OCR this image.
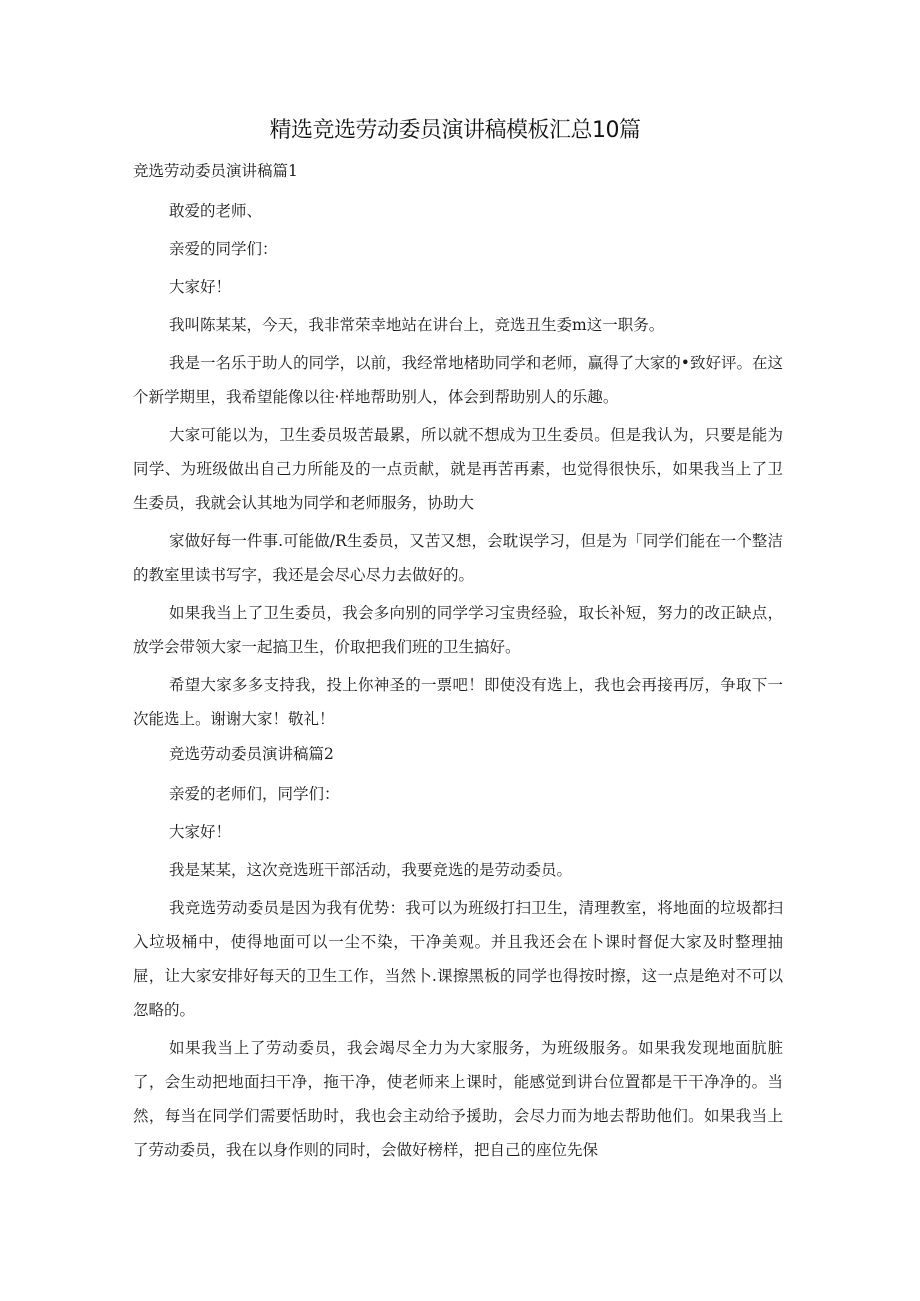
精选竞选劳动委员演讲稿模板汇总10篇

竞选劳动委员演讲稿篇1

敢爱的老师、

亲爱的同学们：

大家好！

我叫陈某某，今天，我非常荣幸地站在讲台上，竞选丑生委m这一职务。

我是一名乐于助人的同学，以前，我经常地楮助同学和老师，赢得了大家的•致好评。在这个新学期里，我希望能像以往·样地帮助别人，体会到帮助别人的乐趣。

大家可能以为，卫生委员圾苦最累，所以就不想成为卫生委员。但是我认为，只要是能为同学、为班级做出自己力所能及的一点贡献，就是再苦再素，也觉得很快乐，如果我当上了卫生委员，我就会认其地为同学和老师服务，协助大

家做好每一件事.可能做/R生委员，又苦又想，会耽误学习，但是为「同学们能在一个整洁的教室里读书写字，我还是会尽心尽力去做好的。

如果我当上了卫生委员，我会多向别的同学学习宝贵经验，取长补短，努力的改正缺点，放学会带领大家一起搞卫生，价取把我们班的卫生搞好。

希望大家多多支持我，投上你神圣的一票吧！即使没有选上，我也会再接再厉，争取下一次能选上。谢谢大家！敬礼！

竞选劳动委员演讲稿篇2

亲爱的老师们，同学们：

大家好！

我是某某，这次竞选班干部活动，我要竞选的是劳动委员。

我竞选劳动委员是因为我有优势：我可以为班级打扫卫生，清理教室，将地面的垃圾都扫入垃圾桶中，使得地面可以一尘不染，干净美观。并且我还会在卜课时督促大家及时整理抽屉，让大家安排好每天的卫生工作，当然卜.课擦黑板的同学也得按时擦，这一点是绝对不可以忽略的。

如果我当上了劳动委员，我会竭尽全力为大家服务，为班级服务。如果我发现地面肮脏了，会生动把地面扫干净，拖干净，使老师来上课时，能感觉到讲台位置都是干干净净的。当然，每当在同学们需要恬助时，我也会主动给予援助，会尽力而为地去帮助他们。如果我当上了劳动委员，我在以身作则的同时，会做好榜样，把自己的座位先保
